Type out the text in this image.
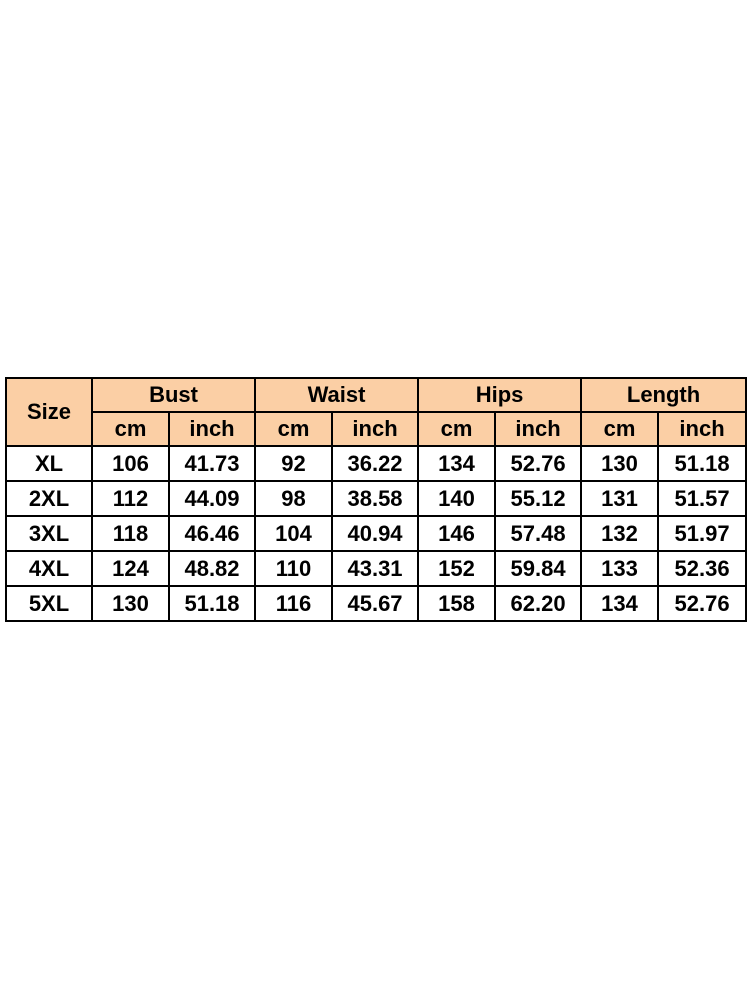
Size	Bust		Waist		Hips		Length	
	cm	inch	cm	inch	cm	inch	cm	inch
XL	106	41.73	92	36.22	134	52.76	130	51.18
2XL	112	44.09	98	38.58	140	55.12	131	51.57
3XL	118	46.46	104	40.94	146	57.48	132	51.97
4XL	124	48.82	110	43.31	152	59.84	133	52.36
5XL	130	51.18	116	45.67	158	62.20	134	52.76
